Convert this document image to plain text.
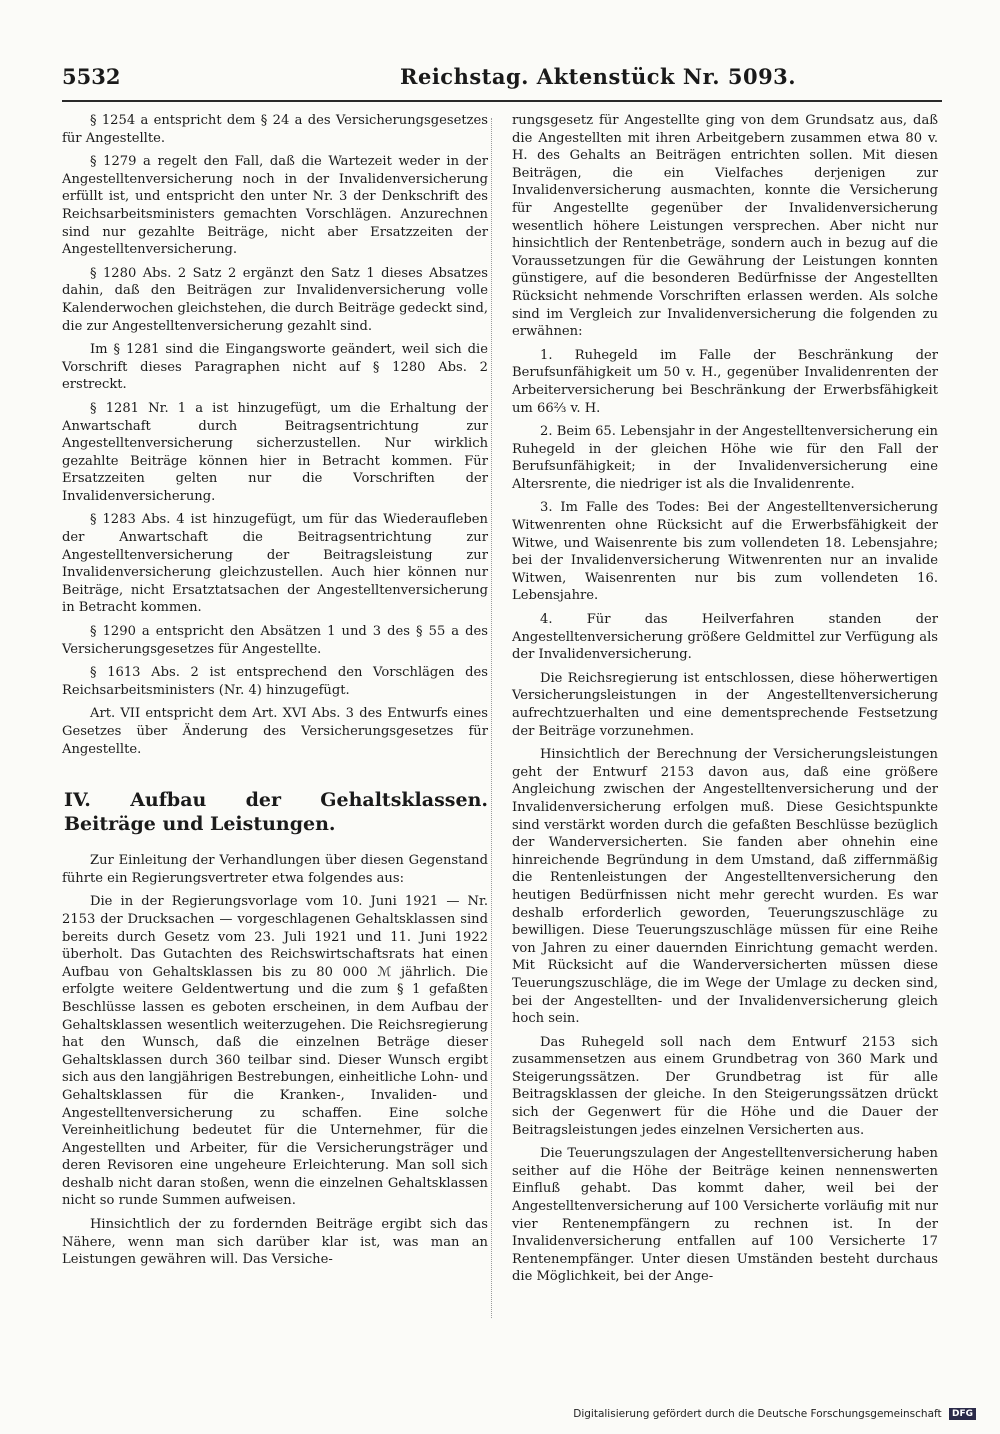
5532	Reichstag. Aktenstück Nr. 5093.

§ 1254 a entspricht dem § 24 a des Versicherungsgesetzes für Angestellte.

§ 1279 a regelt den Fall, daß die Wartezeit weder in der Angestelltenversicherung noch in der Invalidenversicherung erfüllt ist, und entspricht den unter Nr. 3 der Denkschrift des Reichsarbeitsministers gemachten Vorschlägen. Anzurechnen sind nur gezahlte Beiträge, nicht aber Ersatzzeiten der Angestelltenversicherung.

§ 1280 Abs. 2 Satz 2 ergänzt den Satz 1 dieses Absatzes dahin, daß den Beiträgen zur Invalidenversicherung volle Kalenderwochen gleichstehen, die durch Beiträge gedeckt sind, die zur Angestelltenversicherung gezahlt sind.

Im § 1281 sind die Eingangsworte geändert, weil sich die Vorschrift dieses Paragraphen nicht auf § 1280 Abs. 2 erstreckt.

§ 1281 Nr. 1 a ist hinzugefügt, um die Erhaltung der Anwartschaft durch Beitragsentrichtung zur Angestelltenversicherung sicherzustellen. Nur wirklich gezahlte Beiträge können hier in Betracht kommen. Für Ersatzzeiten gelten nur die Vorschriften der Invalidenversicherung.

§ 1283 Abs. 4 ist hinzugefügt, um für das Wiederaufleben der Anwartschaft die Beitragsentrichtung zur Angestelltenversicherung der Beitragsleistung zur Invalidenversicherung gleichzustellen. Auch hier können nur Beiträge, nicht Ersatztatsachen der Angestelltenversicherung in Betracht kommen.

§ 1290 a entspricht den Absätzen 1 und 3 des § 55 a des Versicherungsgesetzes für Angestellte.

§ 1613 Abs. 2 ist entsprechend den Vorschlägen des Reichsarbeitsministers (Nr. 4) hinzugefügt.

Art. VII entspricht dem Art. XVI Abs. 3 des Entwurfs eines Gesetzes über Änderung des Versicherungsgesetzes für Angestellte.

IV. Aufbau der Gehaltsklassen. Beiträge und Leistungen.

Zur Einleitung der Verhandlungen über diesen Gegenstand führte ein Regierungsvertreter etwa folgendes aus:

Die in der Regierungsvorlage vom 10. Juni 1921 — Nr. 2153 der Drucksachen — vorgeschlagenen Gehaltsklassen sind bereits durch Gesetz vom 23. Juli 1921 und 11. Juni 1922 überholt. Das Gutachten des Reichswirtschaftsrats hat einen Aufbau von Gehaltsklassen bis zu 80 000 ℳ jährlich. Die erfolgte weitere Geldentwertung und die zum § 1 gefaßten Beschlüsse lassen es geboten erscheinen, in dem Aufbau der Gehaltsklassen wesentlich weiterzugehen. Die Reichsregierung hat den Wunsch, daß die einzelnen Beträge dieser Gehaltsklassen durch 360 teilbar sind. Dieser Wunsch ergibt sich aus den langjährigen Bestrebungen, einheitliche Lohn- und Gehaltsklassen für die Kranken-, Invaliden- und Angestelltenversicherung zu schaffen. Eine solche Vereinheitlichung bedeutet für die Unternehmer, für die Angestellten und Arbeiter, für die Versicherungsträger und deren Revisoren eine ungeheure Erleichterung. Man soll sich deshalb nicht daran stoßen, wenn die einzelnen Gehaltsklassen nicht so runde Summen aufweisen.

Hinsichtlich der zu fordernden Beiträge ergibt sich das Nähere, wenn man sich darüber klar ist, was man an Leistungen gewähren will. Das Versiche-

rungsgesetz für Angestellte ging von dem Grundsatz aus, daß die Angestellten mit ihren Arbeitgebern zusammen etwa 80 v. H. des Gehalts an Beiträgen entrichten sollen. Mit diesen Beiträgen, die ein Vielfaches derjenigen zur Invalidenversicherung ausmachten, konnte die Versicherung für Angestellte gegenüber der Invalidenversicherung wesentlich höhere Leistungen versprechen. Aber nicht nur hinsichtlich der Rentenbeträge, sondern auch in bezug auf die Voraussetzungen für die Gewährung der Leistungen konnten günstigere, auf die besonderen Bedürfnisse der Angestellten Rücksicht nehmende Vorschriften erlassen werden. Als solche sind im Vergleich zur Invalidenversicherung die folgenden zu erwähnen:

1. Ruhegeld im Falle der Beschränkung der Berufsunfähigkeit um 50 v. H., gegenüber Invalidenrenten der Arbeiterversicherung bei Beschränkung der Erwerbsfähigkeit um 66⅔ v. H.

2. Beim 65. Lebensjahr in der Angestelltenversicherung ein Ruhegeld in der gleichen Höhe wie für den Fall der Berufsunfähigkeit; in der Invalidenversicherung eine Altersrente, die niedriger ist als die Invalidenrente.

3. Im Falle des Todes: Bei der Angestelltenversicherung Witwenrenten ohne Rücksicht auf die Erwerbsfähigkeit der Witwe, und Waisenrente bis zum vollendeten 18. Lebensjahre; bei der Invalidenversicherung Witwenrenten nur an invalide Witwen, Waisenrenten nur bis zum vollendeten 16. Lebensjahre.

4. Für das Heilverfahren standen der Angestelltenversicherung größere Geldmittel zur Verfügung als der Invalidenversicherung.

Die Reichsregierung ist entschlossen, diese höherwertigen Versicherungsleistungen in der Angestelltenversicherung aufrechtzuerhalten und eine dementsprechende Festsetzung der Beiträge vorzunehmen.

Hinsichtlich der Berechnung der Versicherungsleistungen geht der Entwurf 2153 davon aus, daß eine größere Angleichung zwischen der Angestelltenversicherung und der Invalidenversicherung erfolgen muß. Diese Gesichtspunkte sind verstärkt worden durch die gefaßten Beschlüsse bezüglich der Wanderversicherten. Sie fanden aber ohnehin eine hinreichende Begründung in dem Umstand, daß ziffernmäßig die Rentenleistungen der Angestelltenversicherung den heutigen Bedürfnissen nicht mehr gerecht wurden. Es war deshalb erforderlich geworden, Teuerungszuschläge zu bewilligen. Diese Teuerungszuschläge müssen für eine Reihe von Jahren zu einer dauernden Einrichtung gemacht werden. Mit Rücksicht auf die Wanderversicherten müssen diese Teuerungszuschläge, die im Wege der Umlage zu decken sind, bei der Angestellten- und der Invalidenversicherung gleich hoch sein.

Das Ruhegeld soll nach dem Entwurf 2153 sich zusammensetzen aus einem Grundbetrag von 360 Mark und Steigerungssätzen. Der Grundbetrag ist für alle Beitragsklassen der gleiche. In den Steigerungssätzen drückt sich der Gegenwert für die Höhe und die Dauer der Beitragsleistungen jedes einzelnen Versicherten aus.

Die Teuerungszulagen der Angestelltenversicherung haben seither auf die Höhe der Beiträge keinen nennenswerten Einfluß gehabt. Das kommt daher, weil bei der Angestelltenversicherung auf 100 Versicherte vorläufig mit nur vier Rentenempfängern zu rechnen ist. In der Invalidenversicherung entfallen auf 100 Versicherte 17 Rentenempfänger. Unter diesen Umständen besteht durchaus die Möglichkeit, bei der Ange-

Digitalisierung gefördert durch die Deutsche Forschungsgemeinschaft DFG
